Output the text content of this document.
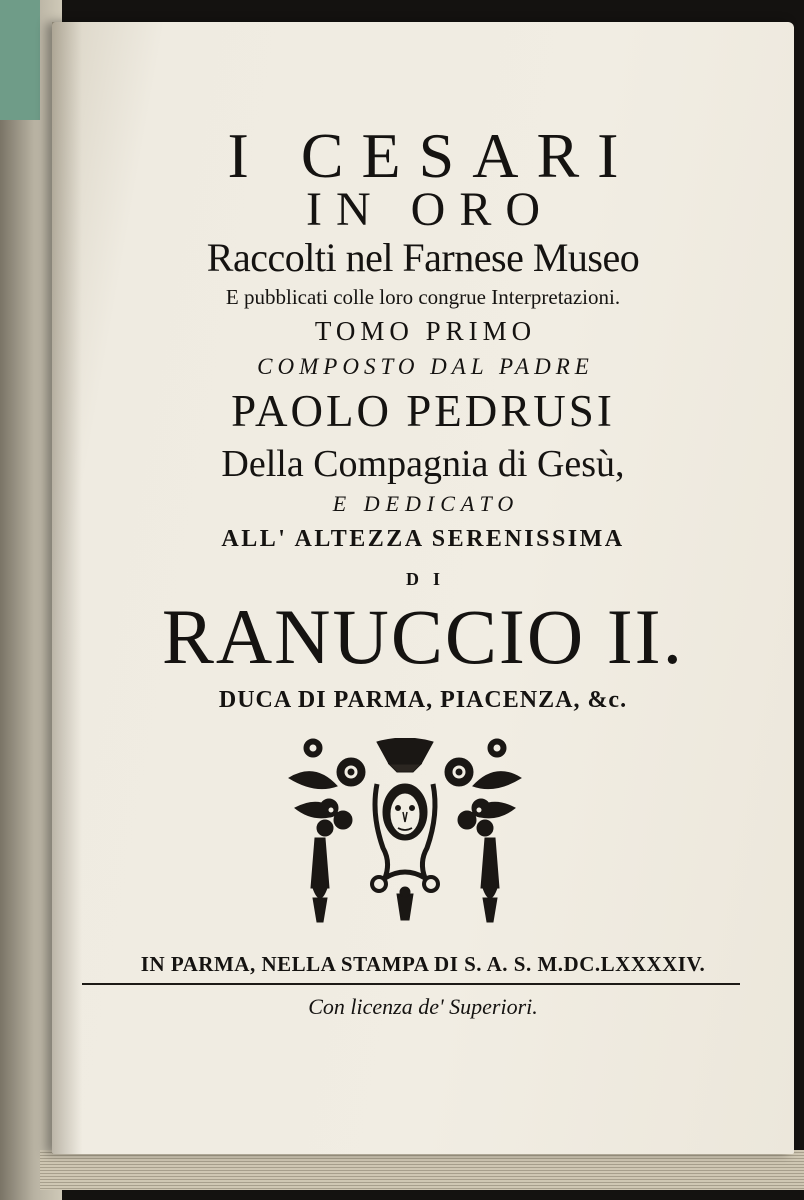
I CESARI

IN ORO

Raccolti nel Farnese Museo

E pubblicati colle loro congrue Interpretazioni.

TOMO PRIMO

COMPOSTO DAL PADRE

PAOLO PEDRUSI

Della Compagnia di Gesù,

E DEDICATO

ALL' ALTEZZA SERENISSIMA

DI

RANUCCIO II.

DUCA DI PARMA, PIACENZA, &c.

IN PARMA, NELLA STAMPA DI S. A. S. M.DC.LXXXXIV.

Con licenza de' Superiori.
